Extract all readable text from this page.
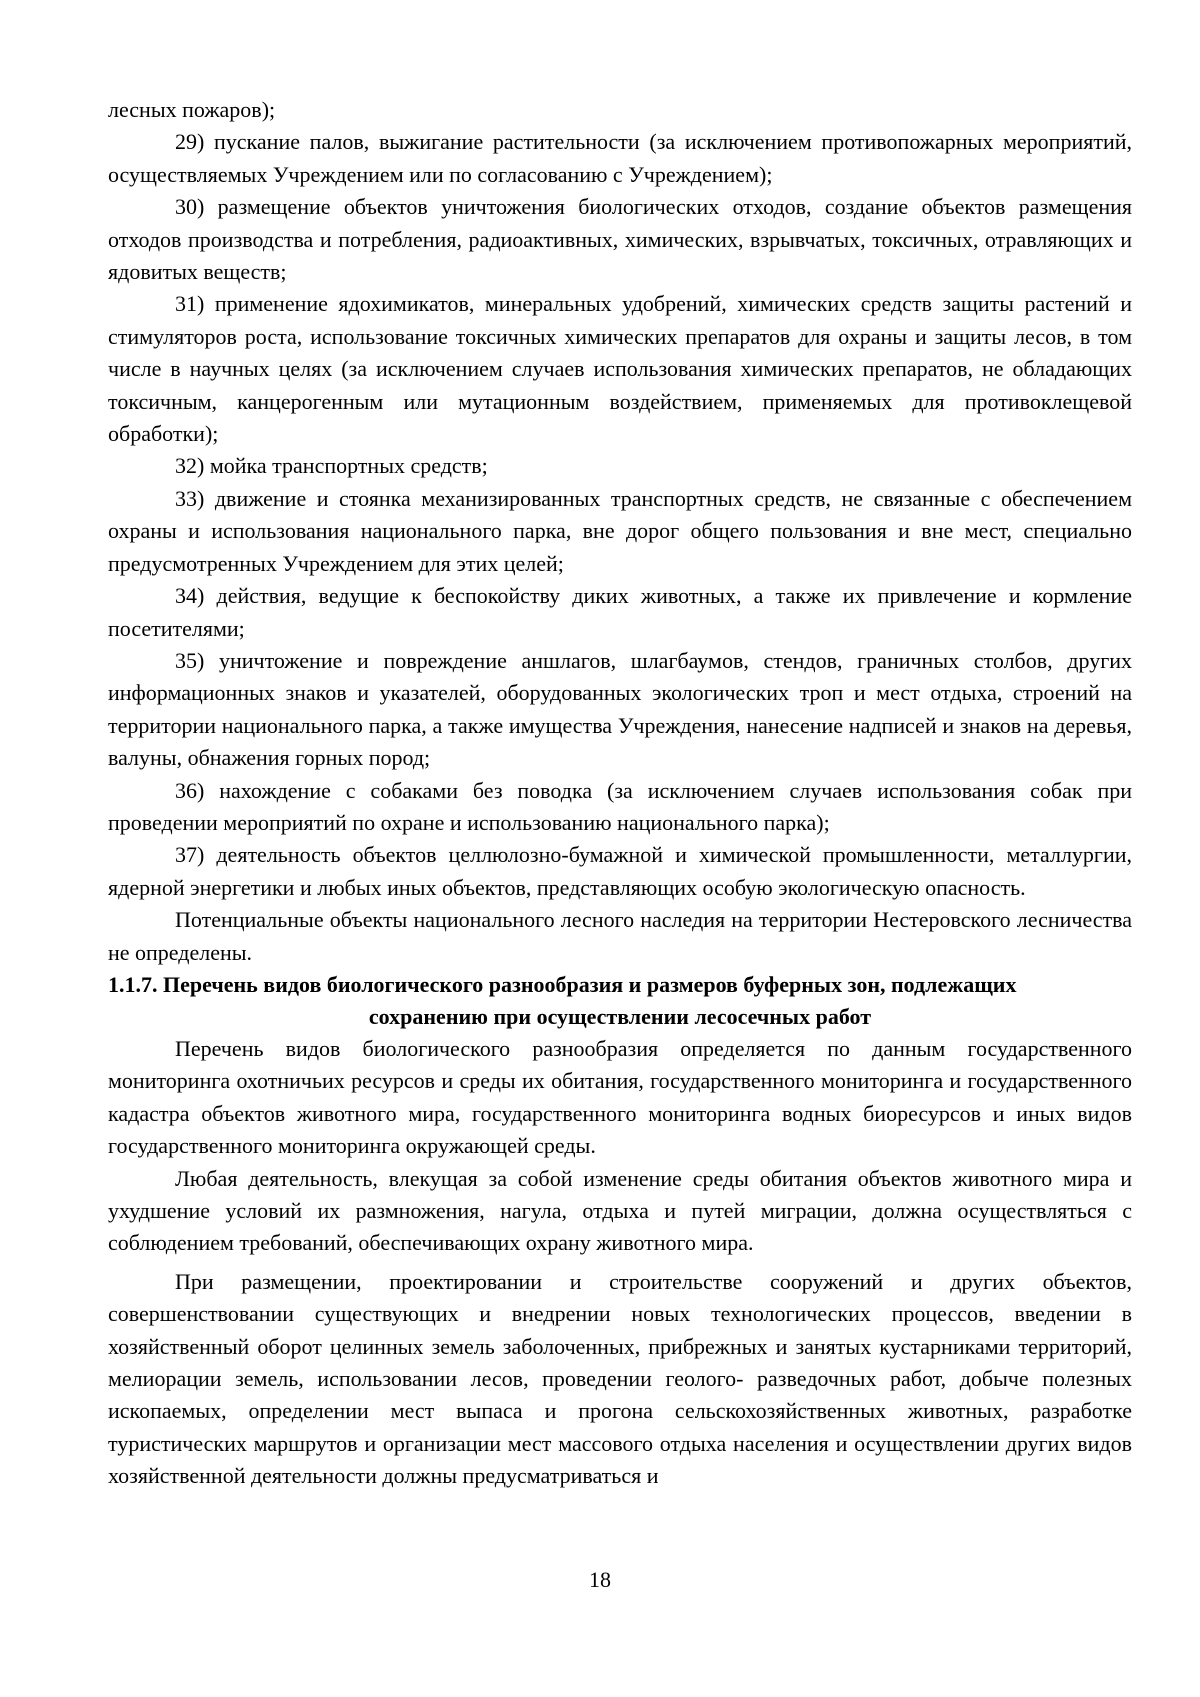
лесных пожаров);

29) пускание палов, выжигание растительности (за исключением противопожарных мероприятий, осуществляемых Учреждением или по согласованию с Учреждением);

30) размещение объектов уничтожения биологических отходов, создание объектов размещения отходов производства и потребления, радиоактивных, химических, взрывчатых, токсичных, отравляющих и ядовитых веществ;

31) применение ядохимикатов, минеральных удобрений, химических средств защиты растений и стимуляторов роста, использование токсичных химических препаратов для охраны и защиты лесов, в том числе в научных целях (за исключением случаев использования химических препаратов, не обладающих токсичным, канцерогенным или мутационным воздействием, применяемых для противоклещевой обработки);

32) мойка транспортных средств;

33) движение и стоянка механизированных транспортных средств, не связанные с обеспечением охраны и использования национального парка, вне дорог общего пользования и вне мест, специально предусмотренных Учреждением для этих целей;

34) действия, ведущие к беспокойству диких животных, а также их привлечение и кормление посетителями;

35) уничтожение и повреждение аншлагов, шлагбаумов, стендов, граничных столбов, других информационных знаков и указателей, оборудованных экологических троп и мест отдыха, строений на территории национального парка, а также имущества Учреждения, нанесение надписей и знаков на деревья, валуны, обнажения горных пород;

36) нахождение с собаками без поводка (за исключением случаев использования собак при проведении мероприятий по охране и использованию национального парка);

37) деятельность объектов целлюлозно-бумажной и химической промышленности, металлургии, ядерной энергетики и любых иных объектов, представляющих особую экологическую опасность.

Потенциальные объекты национального лесного наследия на территории Нестеровского лесничества не определены.

1.1.7. Перечень видов биологического разнообразия и размеров буферных зон, подлежащих
сохранению при осуществлении лесосечных работ

Перечень видов биологического разнообразия определяется по данным государственного мониторинга охотничьих ресурсов и среды их обитания, государственного мониторинга и государственного кадастра объектов животного мира, государственного мониторинга водных биоресурсов и иных видов государственного мониторинга окружающей среды.

Любая деятельность, влекущая за собой изменение среды обитания объектов животного мира и ухудшение условий их размножения, нагула, отдыха и путей миграции, должна осуществляться с соблюдением требований, обеспечивающих охрану животного мира.

При размещении, проектировании и строительстве сооружений и других объектов, совершенствовании существующих и внедрении новых технологических процессов, введении в хозяйственный оборот целинных земель заболоченных, прибрежных и занятых кустарниками территорий, мелиорации земель, использовании лесов, проведении геолого- разведочных работ, добыче полезных ископаемых, определении мест выпаса и прогона сельскохозяйственных животных, разработке туристических маршрутов и организации мест массового отдыха населения и осуществлении других видов хозяйственной деятельности должны предусматриваться и

18
